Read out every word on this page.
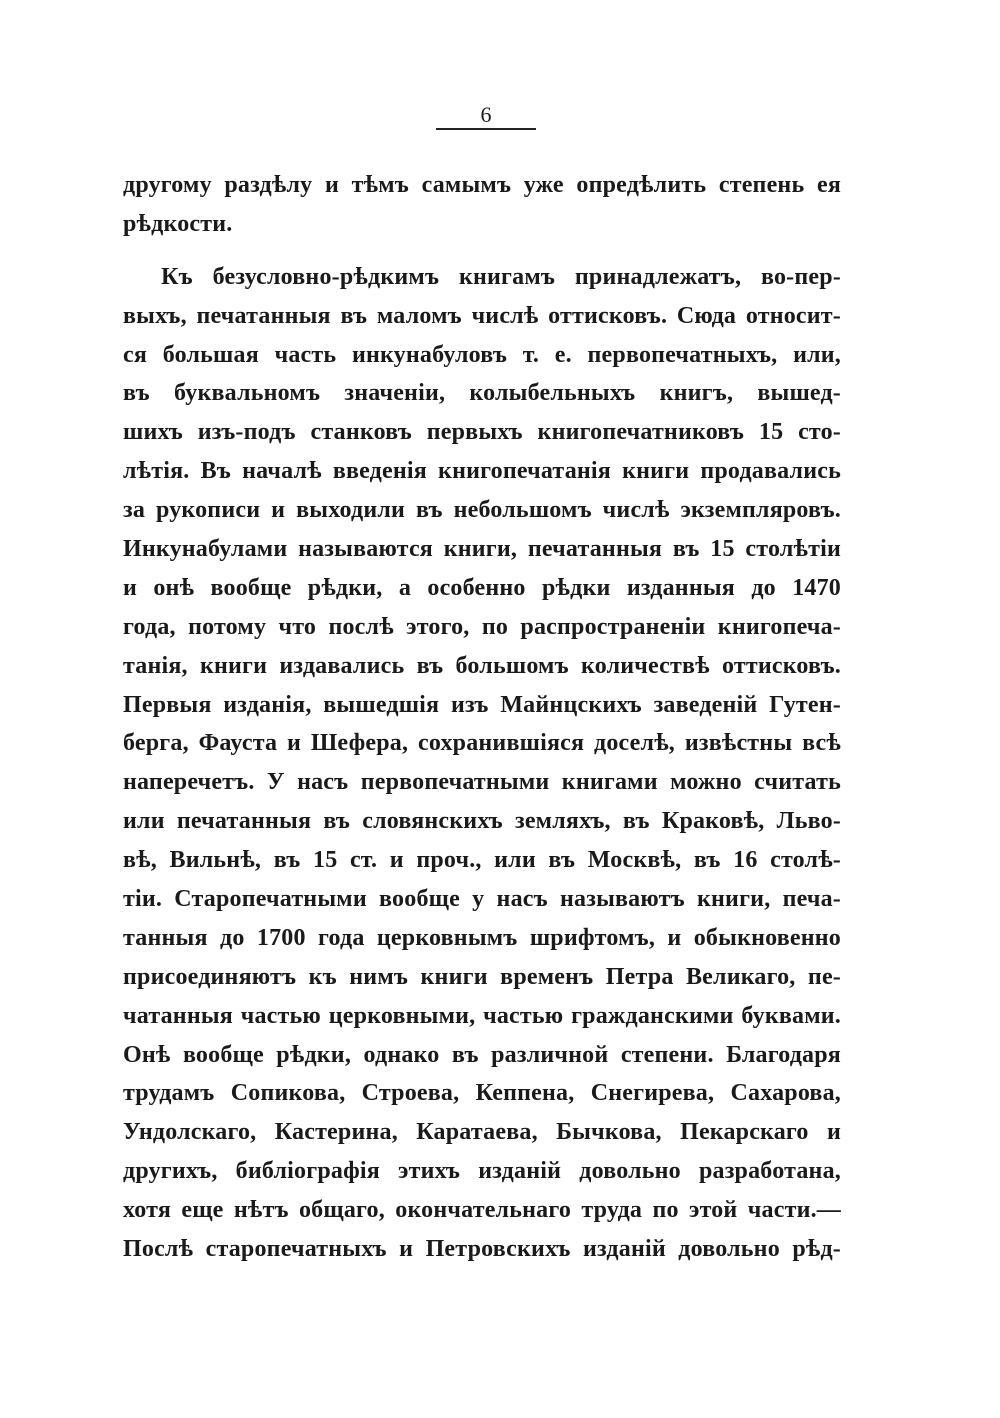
6
другому раздѣлу и тѣмъ самымъ уже опредѣлить степень ея
рѣдкости.
Къ безусловно-рѣдкимъ книгамъ принадлежатъ, во-пер-
выхъ, печатанныя въ маломъ числѣ оттисковъ. Сюда относит-
ся большая часть инкунабуловъ т. е. первопечатныхъ, или,
въ буквальномъ значеніи, колыбельныхъ книгъ, вышед-
шихъ изъ-подъ станковъ первыхъ книгопечатниковъ 15 сто-
лѣтія. Въ началѣ введенія книгопечатанія книги продавались
за рукописи и выходили въ небольшомъ числѣ экземпляровъ.
Инкунабулами называются книги, печатанныя въ 15 столѣтіи
и онѣ вообще рѣдки, а особенно рѣдки изданныя до 1470
года, потому что послѣ этого, по распространеніи книгопеча-
танія, книги издавались въ большомъ количествѣ оттисковъ.
Первыя изданія, вышедшія изъ Майнцскихъ заведеній Гутен-
берга, Фауста и Шефера, сохранившіяся доселѣ, извѣстны всѣ
наперечетъ. У насъ первопечатными книгами можно считать
или печатанныя въ словянскихъ земляхъ, въ Краковѣ, Льво-
вѣ, Вильнѣ, въ 15 ст. и проч., или въ Москвѣ, въ 16 столѣ-
тіи. Старопечатными вообще у насъ называютъ книги, печа-
танныя до 1700 года церковнымъ шрифтомъ, и обыкновенно
присоединяютъ къ нимъ книги временъ Петра Великаго, пе-
чатанныя частью церковными, частью гражданскими буквами.
Онѣ вообще рѣдки, однако въ различной степени. Благодаря
трудамъ Сопикова, Строева, Кеппена, Снегирева, Сахарова,
Ундолскаго, Кастерина, Каратаева, Бычкова, Пекарскаго и
другихъ, библіографія этихъ изданій довольно разработана,
хотя еще нѣтъ общаго, окончательнаго труда по этой части.—
Послѣ старопечатныхъ и Петровскихъ изданій довольно рѣд-
